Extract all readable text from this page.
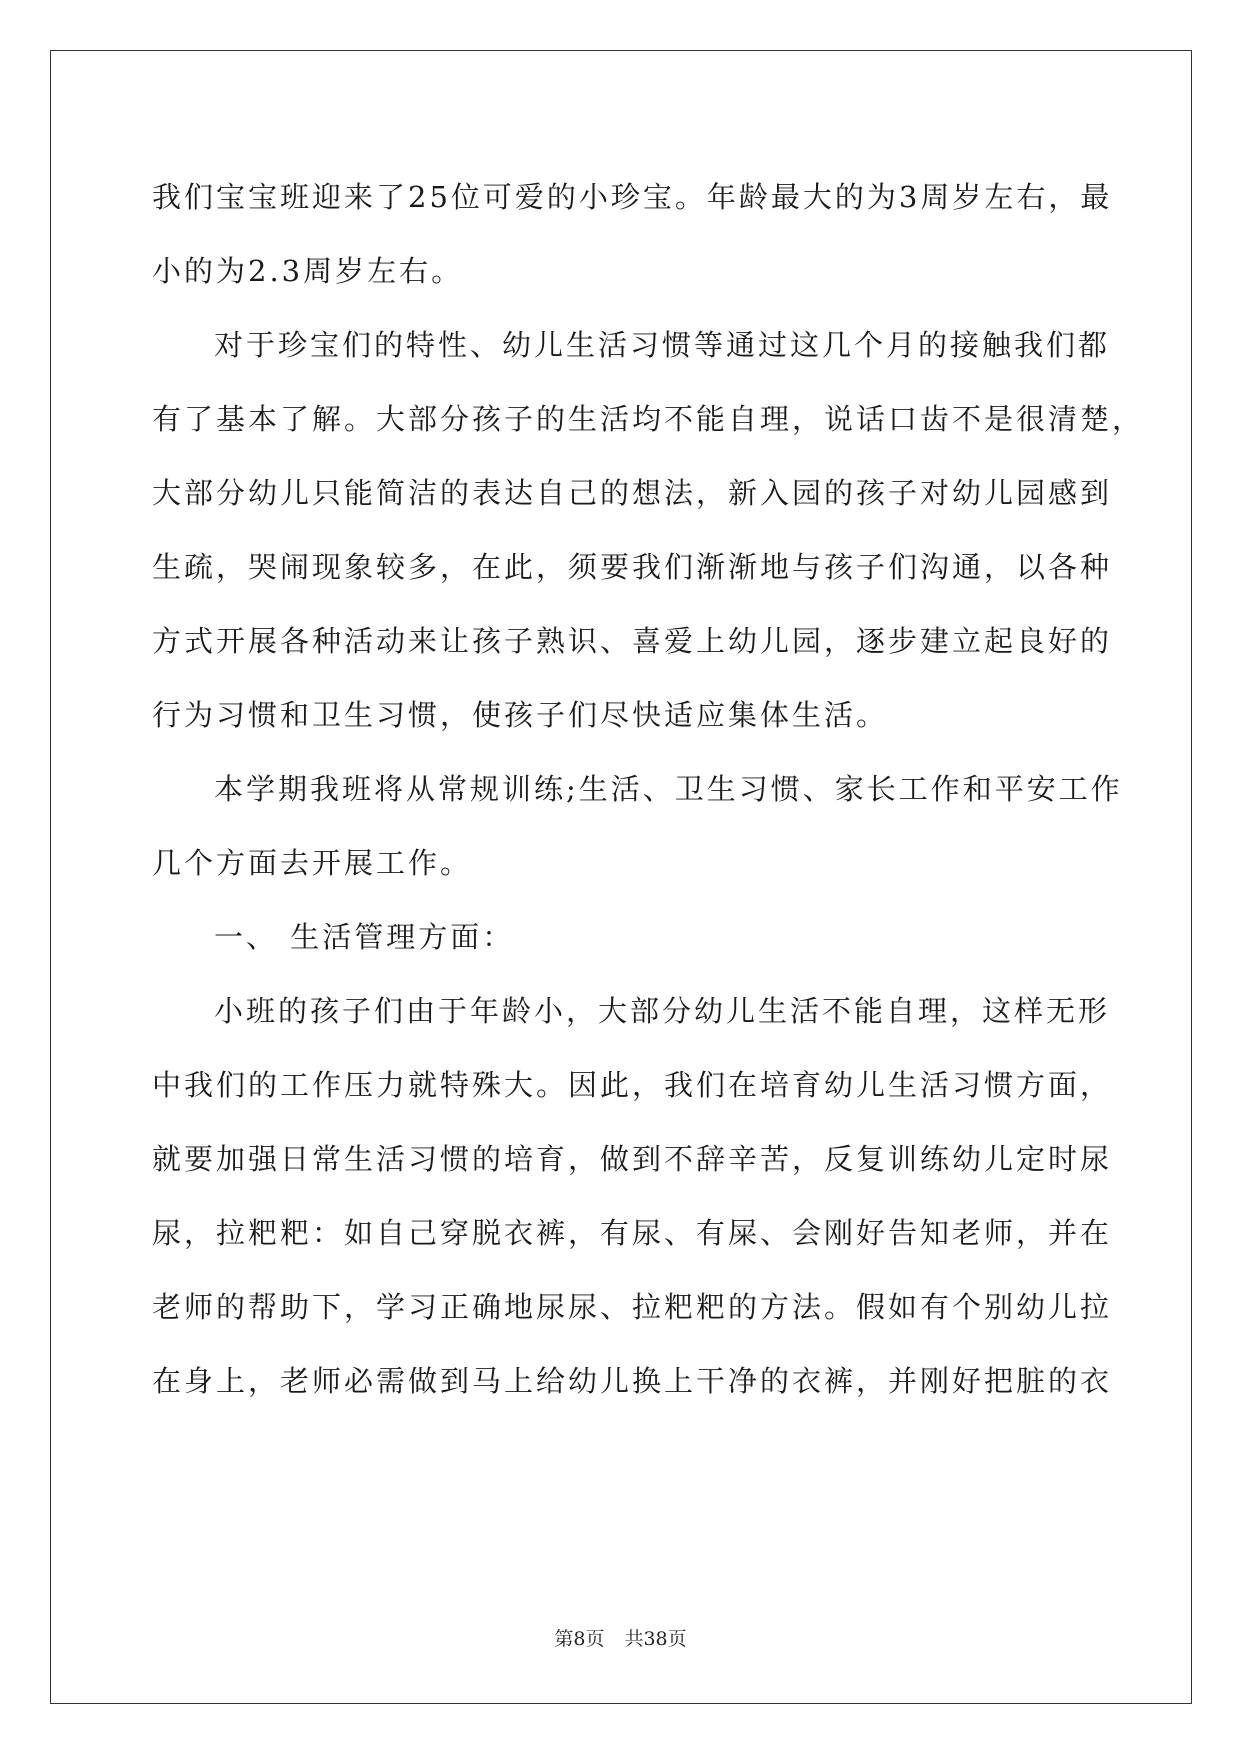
我们宝宝班迎来了25位可爱的小珍宝。年龄最大的为3周岁左右，最
小的为2.3周岁左右。
对于珍宝们的特性、幼儿生活习惯等通过这几个月的接触我们都
有了基本了解。大部分孩子的生活均不能自理，说话口齿不是很清楚，
大部分幼儿只能简洁的表达自己的想法，新入园的孩子对幼儿园感到
生疏，哭闹现象较多，在此，须要我们渐渐地与孩子们沟通，以各种
方式开展各种活动来让孩子熟识、喜爱上幼儿园，逐步建立起良好的
行为习惯和卫生习惯，使孩子们尽快适应集体生活。
本学期我班将从常规训练;生活、卫生习惯、家长工作和平安工作
几个方面去开展工作。
一、 生活管理方面：
小班的孩子们由于年龄小，大部分幼儿生活不能自理，这样无形
中我们的工作压力就特殊大。因此，我们在培育幼儿生活习惯方面，
就要加强日常生活习惯的培育，做到不辞辛苦，反复训练幼儿定时尿
尿，拉粑粑：如自己穿脱衣裤，有尿、有屎、会刚好告知老师，并在
老师的帮助下，学习正确地尿尿、拉粑粑的方法。假如有个别幼儿拉
在身上，老师必需做到马上给幼儿换上干净的衣裤，并刚好把脏的衣

第8页 共38页
